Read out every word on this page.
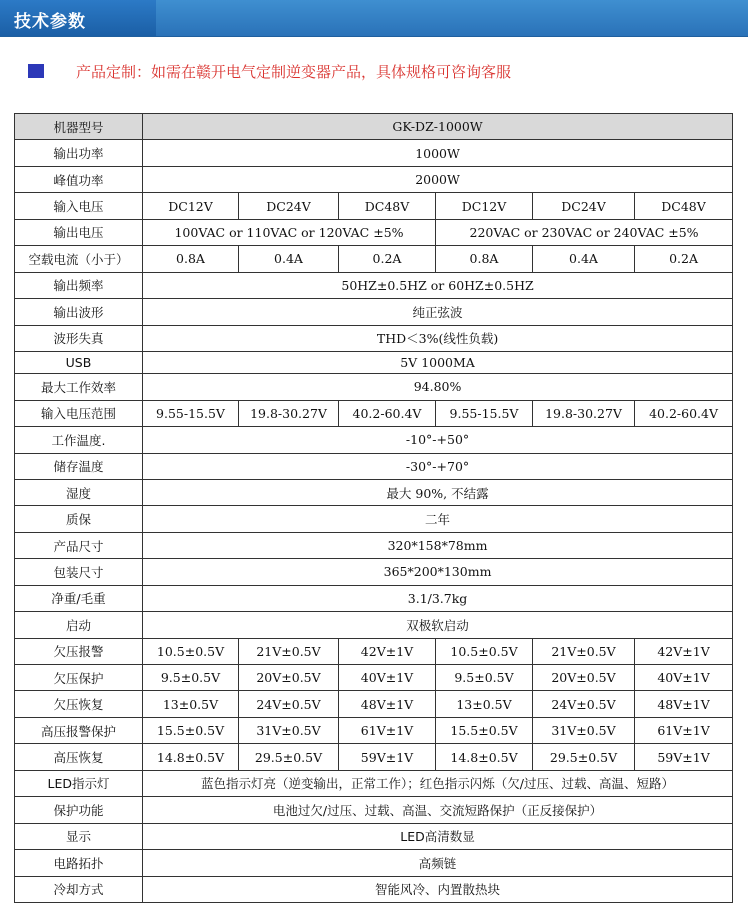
技术参数
产品定制：如需在赣开电气定制逆变器产品，具体规格可咨询客服
机器型号	GK-DZ-1000W					
输出功率	1000W					
峰值功率	2000W					
输入电压	DC12V	DC24V	DC48V	DC12V	DC24V	DC48V
输出电压	100VAC or 110VAC or 120VAC ±5%			220VAC or 230VAC or 240VAC ±5%		
空载电流（小于）	0.8A	0.4A	0.2A	0.8A	0.4A	0.2A
输出频率	50HZ±0.5HZ or 60HZ±0.5HZ					
输出波形	纯正弦波					
波形失真	THD＜3%(线性负载)					
USB	5V 1000MA					
最大工作效率	94.80%					
输入电压范围	9.55-15.5V	19.8-30.27V	40.2-60.4V	9.55-15.5V	19.8-30.27V	40.2-60.4V
工作温度.	-10°-+50°					
储存温度	-30°-+70°					
湿度	最大 90%, 不结露					
质保	二年					
产品尺寸	320*158*78mm					
包装尺寸	365*200*130mm					
净重/毛重	3.1/3.7kg					
启动	双极软启动					
欠压报警	10.5±0.5V	21V±0.5V	42V±1V	10.5±0.5V	21V±0.5V	42V±1V
欠压保护	9.5±0.5V	20V±0.5V	40V±1V	9.5±0.5V	20V±0.5V	40V±1V
欠压恢复	13±0.5V	24V±0.5V	48V±1V	13±0.5V	24V±0.5V	48V±1V
高压报警保护	15.5±0.5V	31V±0.5V	61V±1V	15.5±0.5V	31V±0.5V	61V±1V
高压恢复	14.8±0.5V	29.5±0.5V	59V±1V	14.8±0.5V	29.5±0.5V	59V±1V
LED指示灯	蓝色指示灯亮（逆变输出，正常工作）；红色指示闪烁（欠/过压、过载、高温、短路）					
保护功能	电池过欠/过压、过载、高温、交流短路保护（正反接保护）					
显示	LED高清数显					
电路拓扑	高频链					
冷却方式	智能风冷、内置散热块					
